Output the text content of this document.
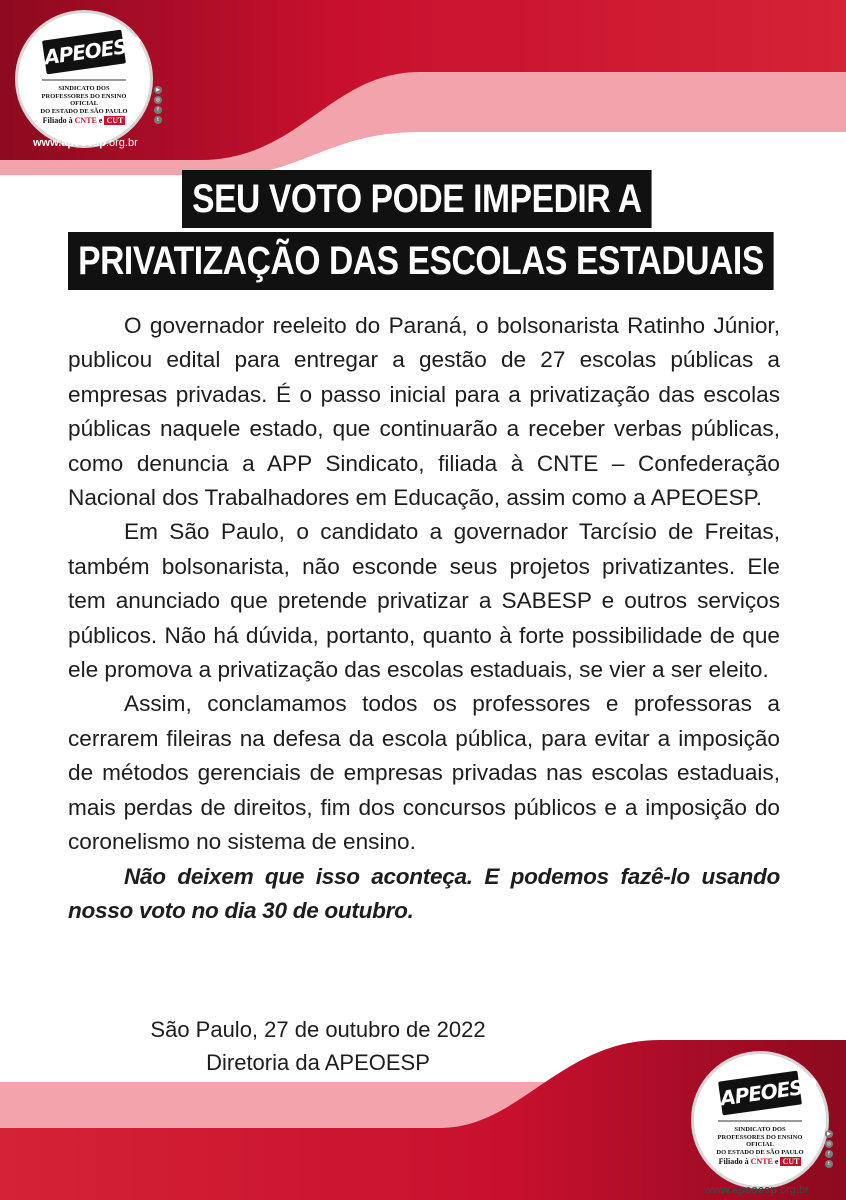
APEOESP
SINDICATO DOS
PROFESSORES DO ENSINO OFICIAL
DO ESTADO DE SÃO PAULO
Filiado à CNTE e CUT
▶
◎
f
t
www.apeoesp.org.br
SEU VOTO PODE IMPEDIR A
PRIVATIZAÇÃO DAS ESCOLAS ESTADUAIS

O governador reeleito do Paraná, o bolsonarista Ratinho Júnior, publicou edital para entregar a gestão de 27 escolas públicas a empresas privadas. É o passo inicial para a privatização das escolas públicas naquele estado, que continuarão a receber verbas públicas, como denuncia a APP Sindicato, filiada à CNTE – Confederação Nacional dos Trabalhadores em Educação, assim como a APEOESP.

Em São Paulo, o candidato a governador Tarcísio de Freitas, também bolsonarista, não esconde seus projetos privatizantes. Ele tem anunciado que pretende privatizar a SABESP e outros serviços públicos. Não há dúvida, portanto, quanto à forte possibilidade de que ele promova a privatização das escolas estaduais, se vier a ser eleito.

Assim, conclamamos todos os professores e professoras a cerrarem fileiras na defesa da escola pública, para evitar a imposição de métodos gerenciais de empresas privadas nas escolas estaduais, mais perdas de direitos, fim dos concursos públicos e a imposição do coronelismo no sistema de ensino.

Não deixem que isso aconteça. E podemos fazê-lo usando nosso voto no dia 30 de outubro.

São Paulo, 27 de outubro de 2022
Diretoria da APEOESP
APEOESP
SINDICATO DOS
PROFESSORES DO ENSINO OFICIAL
DO ESTADO DE SÃO PAULO
Filiado à CNTE e CUT
▶
◎
f
t
www.apeoesp.org.br
